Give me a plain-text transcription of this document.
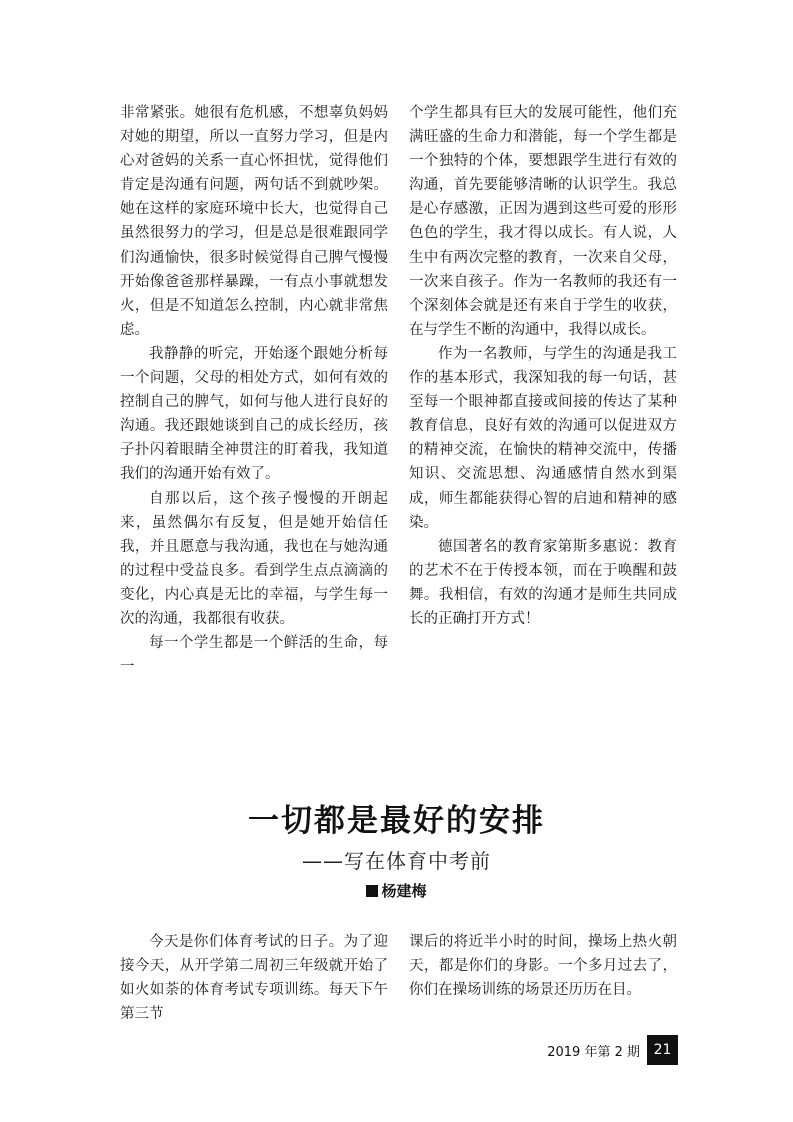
非常紧张。她很有危机感，不想辜负妈妈对她的期望，所以一直努力学习，但是内心对爸妈的关系一直心怀担忧，觉得他们肯定是沟通有问题，两句话不到就吵架。她在这样的家庭环境中长大，也觉得自己虽然很努力的学习，但是总是很难跟同学们沟通愉快，很多时候觉得自己脾气慢慢开始像爸爸那样暴躁，一有点小事就想发火，但是不知道怎么控制，内心就非常焦虑。

我静静的听完，开始逐个跟她分析每一个问题，父母的相处方式，如何有效的控制自己的脾气，如何与他人进行良好的沟通。我还跟她谈到自己的成长经历，孩子扑闪着眼睛全神贯注的盯着我，我知道我们的沟通开始有效了。

自那以后，这个孩子慢慢的开朗起来，虽然偶尔有反复，但是她开始信任我，并且愿意与我沟通，我也在与她沟通的过程中受益良多。看到学生点点滴滴的变化，内心真是无比的幸福，与学生每一次的沟通，我都很有收获。

每一个学生都是一个鲜活的生命，每一

个学生都具有巨大的发展可能性，他们充满旺盛的生命力和潜能，每一个学生都是一个独特的个体，要想跟学生进行有效的沟通，首先要能够清晰的认识学生。我总是心存感激，正因为遇到这些可爱的形形色色的学生，我才得以成长。有人说，人生中有两次完整的教育，一次来自父母，一次来自孩子。作为一名教师的我还有一个深刻体会就是还有来自于学生的收获，在与学生不断的沟通中，我得以成长。

作为一名教师，与学生的沟通是我工作的基本形式，我深知我的每一句话，甚至每一个眼神都直接或间接的传达了某种教育信息，良好有效的沟通可以促进双方的精神交流，在愉快的精神交流中，传播知识、交流思想、沟通感情自然水到渠成，师生都能获得心智的启迪和精神的感染。

德国著名的教育家第斯多惠说：教育的艺术不在于传授本领，而在于唤醒和鼓舞。我相信，有效的沟通才是师生共同成长的正确打开方式！

一切都是最好的安排
——写在体育中考前
杨建梅

今天是你们体育考试的日子。为了迎接今天，从开学第二周初三年级就开始了如火如荼的体育考试专项训练。每天下午第三节

课后的将近半小时的时间，操场上热火朝天，都是你们的身影。一个多月过去了，你们在操场训练的场景还历历在目。

2019 年第 2 期 21
